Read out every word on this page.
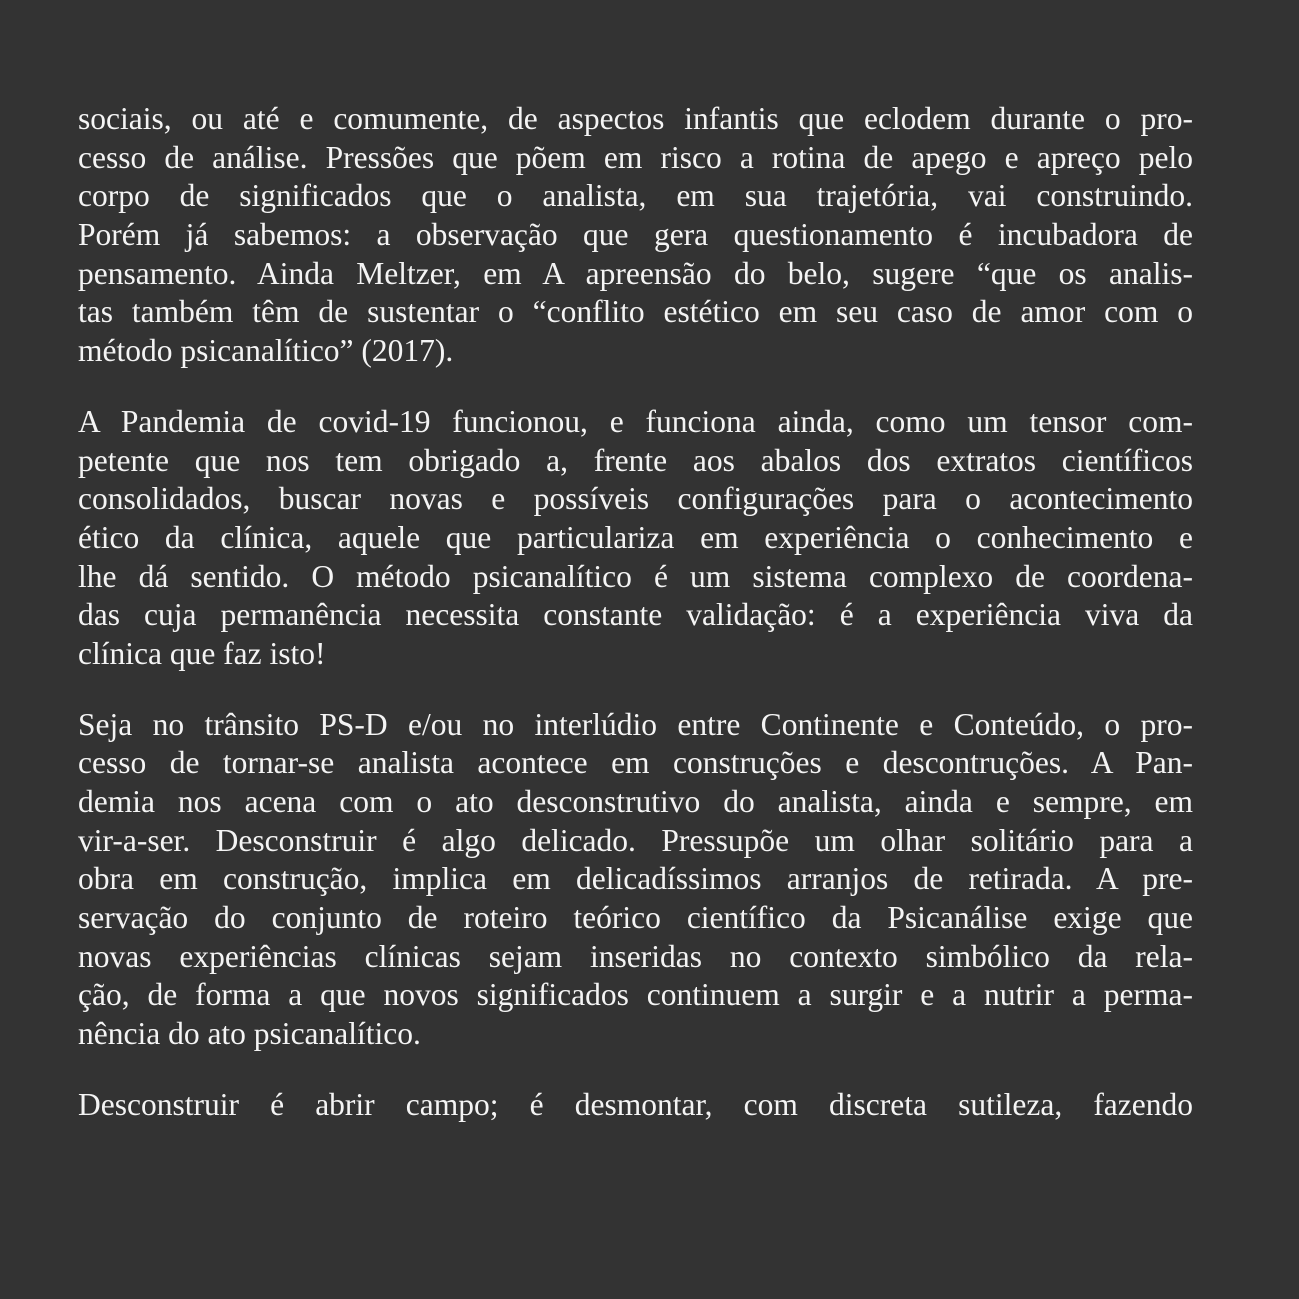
sociais, ou até e comumente, de aspectos infantis que eclodem durante o pro-
cesso de análise. Pressões que põem em risco a rotina de apego e apreço pelo
corpo de significados que o analista, em sua trajetória, vai construindo.
Porém já sabemos: a observação que gera questionamento é incubadora de
pensamento. Ainda Meltzer, em A apreensão do belo, sugere “que os analis-
tas também têm de sustentar o “conflito estético em seu caso de amor com o
método psicanalítico” (2017).

A Pandemia de covid-19 funcionou, e funciona ainda, como um tensor com-
petente que nos tem obrigado a, frente aos abalos dos extratos científicos
consolidados, buscar novas e possíveis configurações para o acontecimento
ético da clínica, aquele que particulariza em experiência o conhecimento e
lhe dá sentido. O método psicanalítico é um sistema complexo de coordena-
das cuja permanência necessita constante validação: é a experiência viva da
clínica que faz isto!

Seja no trânsito PS-D e/ou no interlúdio entre Continente e Conteúdo, o pro-
cesso de tornar-se analista acontece em construções e descontruções. A Pan-
demia nos acena com o ato desconstrutivo do analista, ainda e sempre, em
vir-a-ser. Desconstruir é algo delicado. Pressupõe um olhar solitário para a
obra em construção, implica em delicadíssimos arranjos de retirada. A pre-
servação do conjunto de roteiro teórico científico da Psicanálise exige que
novas experiências clínicas sejam inseridas no contexto simbólico da rela-
ção, de forma a que novos significados continuem a surgir e a nutrir a perma-
nência do ato psicanalítico.

Desconstruir é abrir campo; é desmontar, com discreta sutileza, fazendo
